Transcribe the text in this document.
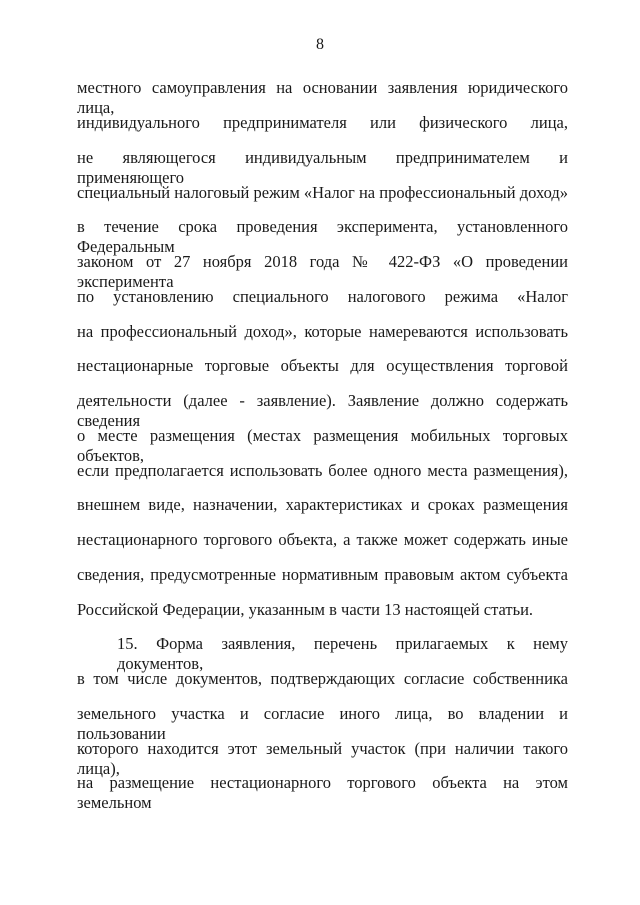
8
местного самоуправления на основании заявления юридического лица,
индивидуального предпринимателя или физического лица,
не являющегося индивидуальным предпринимателем и применяющего
специальный налоговый режим «Налог на профессиональный доход»
в течение срока проведения эксперимента, установленного Федеральным
законом от 27 ноября 2018 года № 422-ФЗ «О проведении эксперимента
по установлению специального налогового режима «Налог
на профессиональный доход», которые намереваются использовать
нестационарные торговые объекты для осуществления торговой
деятельности (далее - заявление). Заявление должно содержать сведения
о месте размещения (местах размещения мобильных торговых объектов,
если предполагается использовать более одного места размещения),
внешнем виде, назначении, характеристиках и сроках размещения
нестационарного торгового объекта, а также может содержать иные
сведения, предусмотренные нормативным правовым актом субъекта
Российской Федерации, указанным в части 13 настоящей статьи.
15. Форма заявления, перечень прилагаемых к нему документов,
в том числе документов, подтверждающих согласие собственника
земельного участка и согласие иного лица, во владении и пользовании
которого находится этот земельный участок (при наличии такого лица),
на размещение нестационарного торгового объекта на этом земельном
